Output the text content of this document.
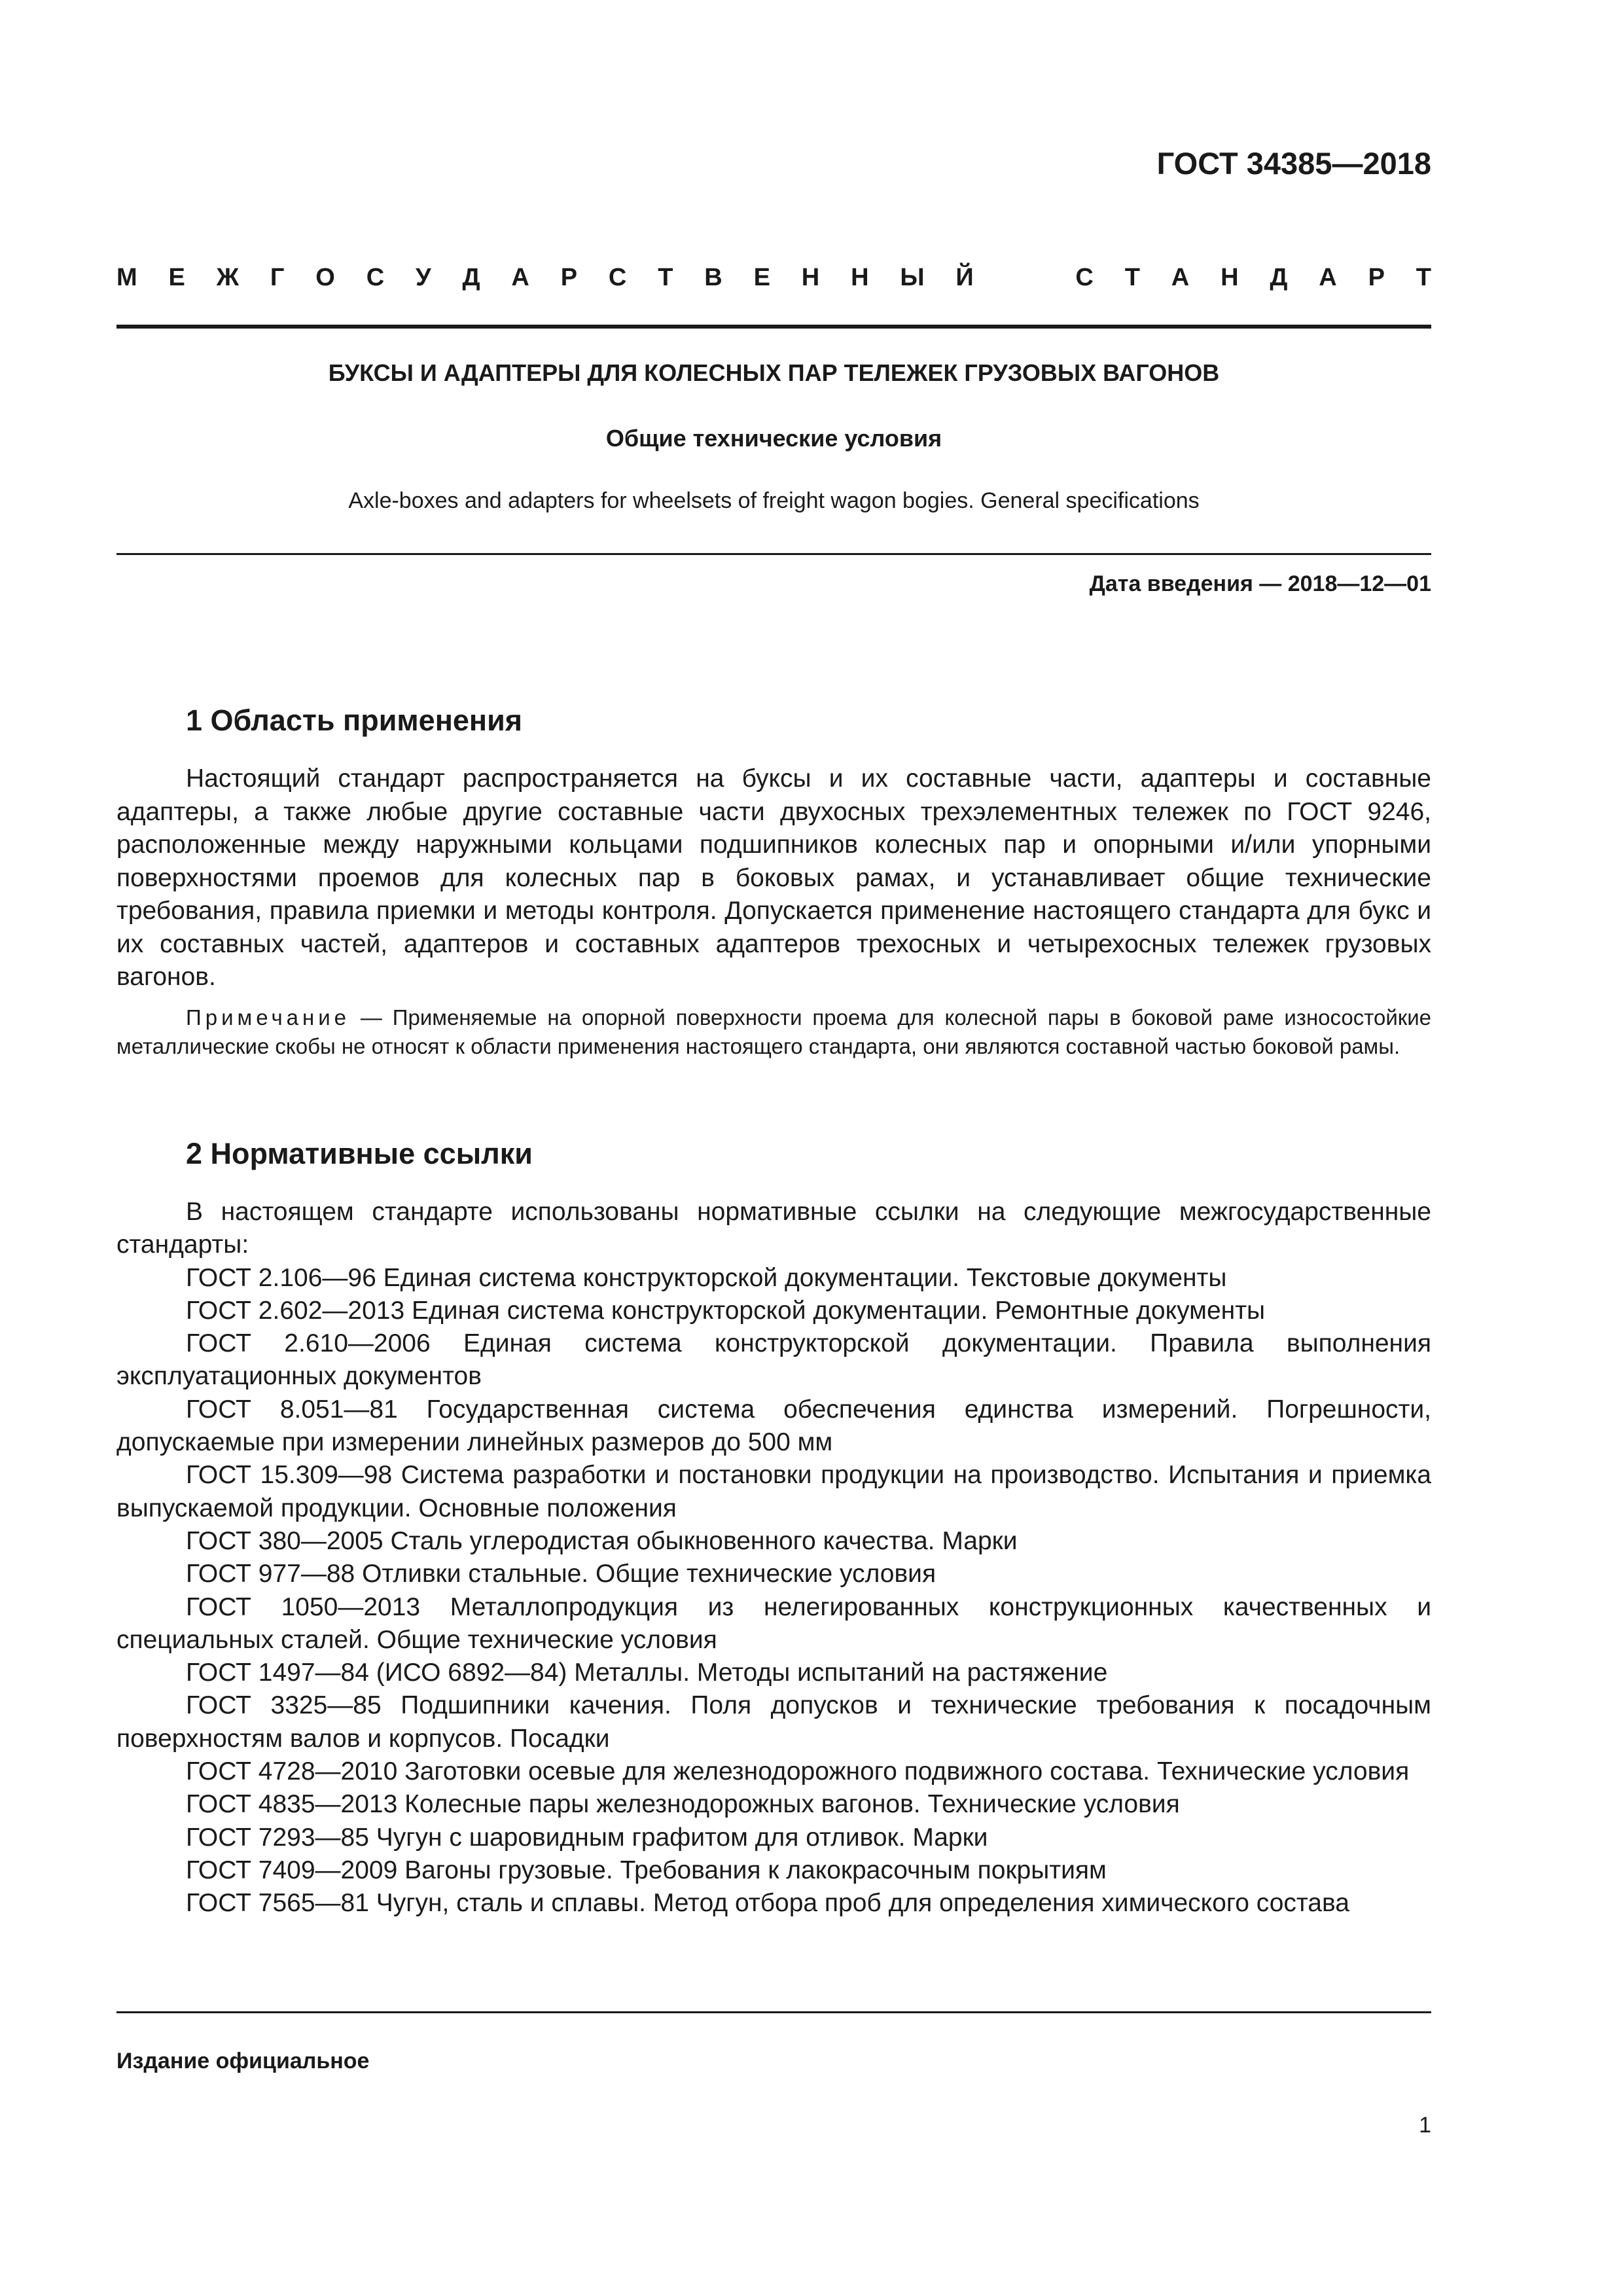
ГОСТ 34385—2018
М Е Ж Г О С У Д А Р С Т В Е Н Н Ы Й	С Т А Н Д А Р Т
БУКСЫ И АДАПТЕРЫ ДЛЯ КОЛЕСНЫХ ПАР ТЕЛЕЖЕК ГРУЗОВЫХ ВАГОНОВ
Общие технические условия
Axle-boxes and adapters for wheelsets of freight wagon bogies. General specifications
Дата введения — 2018—12—01
1 Область применения

Настоящий стандарт распространяется на буксы и их составные части, адаптеры и составные адаптеры, а также любые другие составные части двухосных трехэлементных тележек по ГОСТ 9246, расположенные между наружными кольцами подшипников колесных пар и опорными и/или упорными поверхностями проемов для колесных пар в боковых рамах, и устанавливает общие технические требования, правила приемки и методы контроля. Допускается применение настоящего стандарта для букс и их составных частей, адаптеров и составных адаптеров трехосных и четырехосных тележек грузовых вагонов.

Примечание — Применяемые на опорной поверхности проема для колесной пары в боковой раме износостойкие металлические скобы не относят к области применения настоящего стандарта, они являются составной частью боковой рамы.

2 Нормативные ссылки

В настоящем стандарте использованы нормативные ссылки на следующие межгосударственные стандарты:

ГОСТ 2.106—96 Единая система конструкторской документации. Текстовые документы

ГОСТ 2.602—2013 Единая система конструкторской документации. Ремонтные документы

ГОСТ 2.610—2006 Единая система конструкторской документации. Правила выполнения эксплуатационных документов

ГОСТ 8.051—81 Государственная система обеспечения единства измерений. Погрешности, допускаемые при измерении линейных размеров до 500 мм

ГОСТ 15.309—98 Система разработки и постановки продукции на производство. Испытания и приемка выпускаемой продукции. Основные положения

ГОСТ 380—2005 Сталь углеродистая обыкновенного качества. Марки

ГОСТ 977—88 Отливки стальные. Общие технические условия

ГОСТ 1050—2013 Металлопродукция из нелегированных конструкционных качественных и специальных сталей. Общие технические условия

ГОСТ 1497—84 (ИСО 6892—84) Металлы. Методы испытаний на растяжение

ГОСТ 3325—85 Подшипники качения. Поля допусков и технические требования к посадочным поверхностям валов и корпусов. Посадки

ГОСТ 4728—2010 Заготовки осевые для железнодорожного подвижного состава. Технические условия

ГОСТ 4835—2013 Колесные пары железнодорожных вагонов. Технические условия

ГОСТ 7293—85 Чугун с шаровидным графитом для отливок. Марки

ГОСТ 7409—2009 Вагоны грузовые. Требования к лакокрасочным покрытиям

ГОСТ 7565—81 Чугун, сталь и сплавы. Метод отбора проб для определения химического состава

Издание официальное
1
